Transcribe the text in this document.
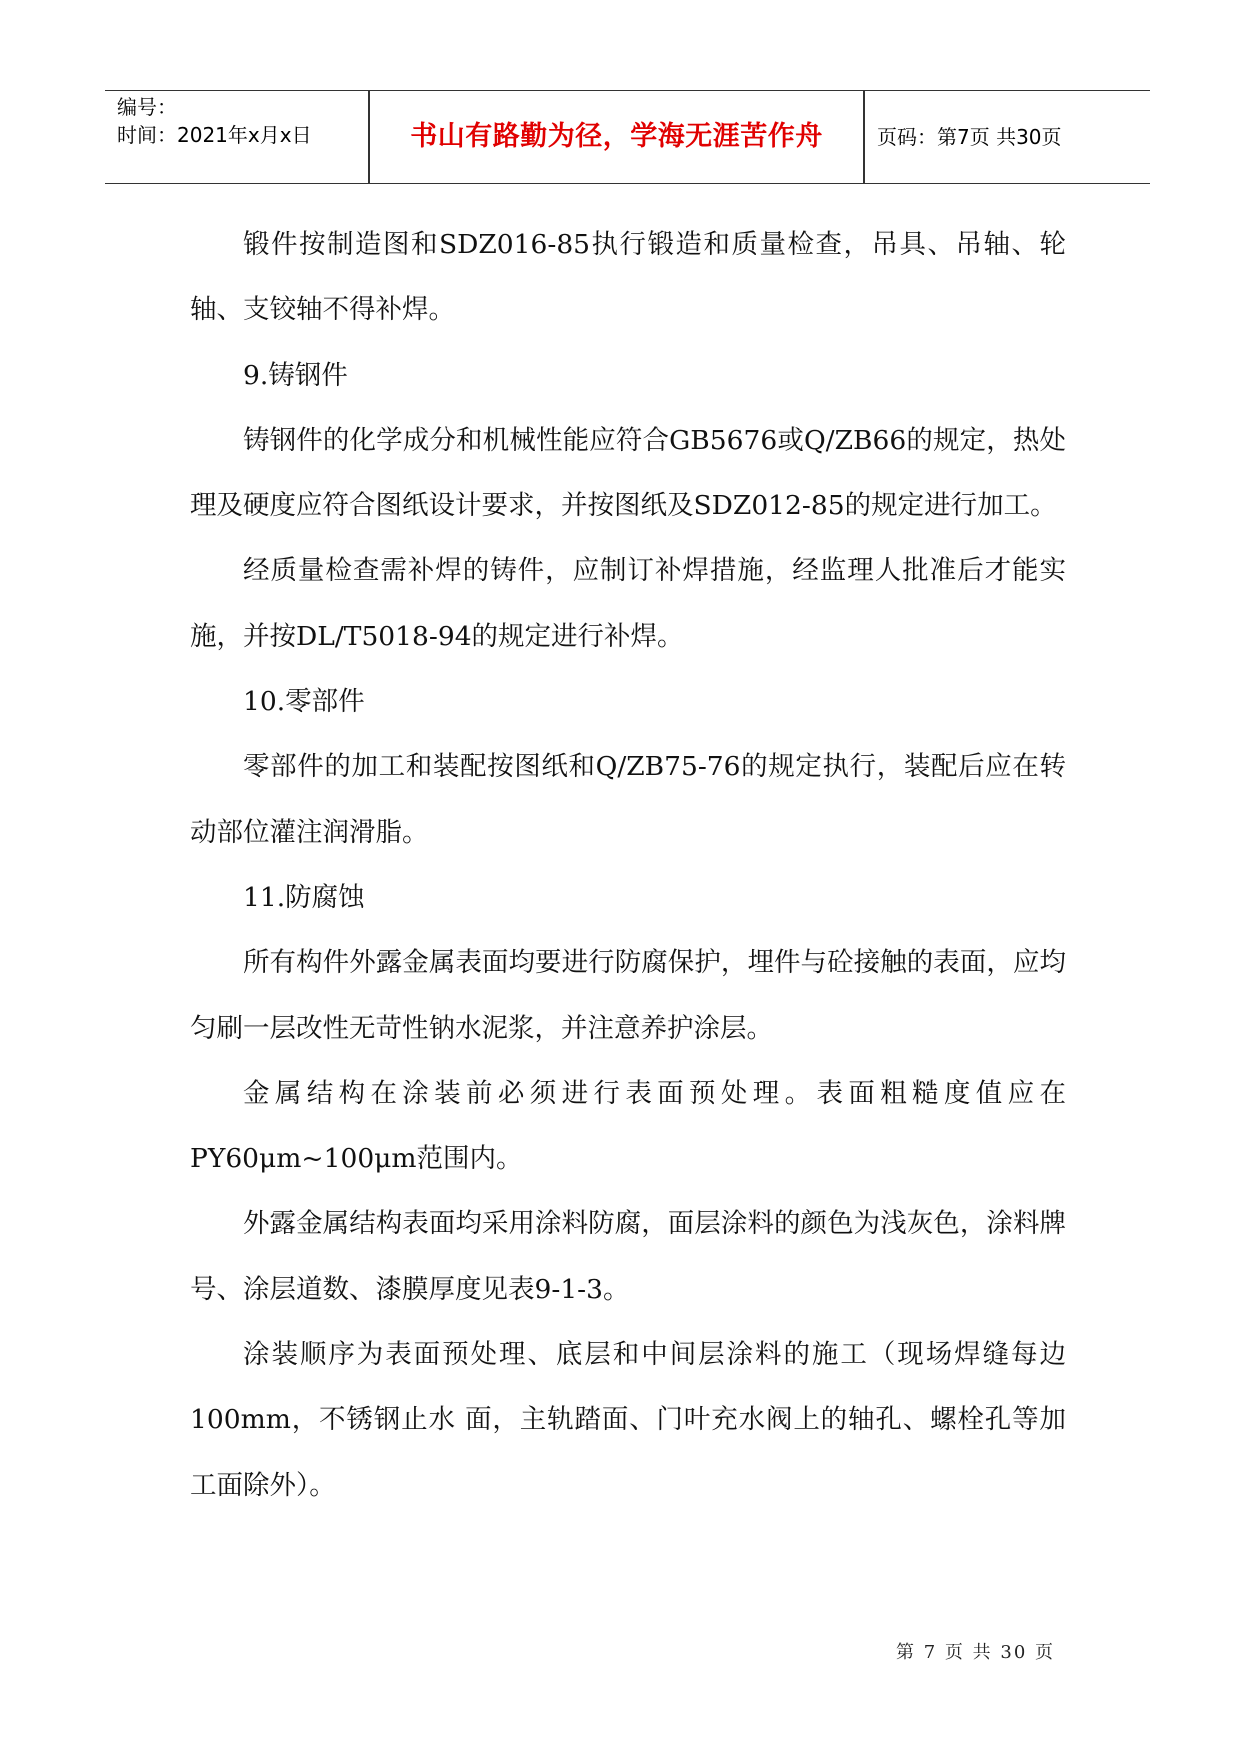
编号：
时间：2021年x月x日	书山有路勤为径，学海无涯苦作舟	页码：第7页 共30页

锻件按制造图和SDZ016-85执行锻造和质量检查，吊具、吊轴、轮轴、支铰轴不得补焊。

9.铸钢件

铸钢件的化学成分和机械性能应符合GB5676或Q/ZB66的规定，热处理及硬度应符合图纸设计要求，并按图纸及SDZ012-85的规定进行加工。

经质量检查需补焊的铸件，应制订补焊措施，经监理人批准后才能实施，并按DL/T5018-94的规定进行补焊。

10.零部件

零部件的加工和装配按图纸和Q/ZB75-76的规定执行，装配后应在转动部位灌注润滑脂。

11.防腐蚀

所有构件外露金属表面均要进行防腐保护，埋件与砼接触的表面，应均匀刷一层改性无苛性钠水泥浆，并注意养护涂层。

金属结构在涂装前必须进行表面预处理。表面粗糙度值应在PY60μm~100μm范围内。

外露金属结构表面均采用涂料防腐，面层涂料的颜色为浅灰色，涂料牌号、涂层道数、漆膜厚度见表9-1-3。

涂装顺序为表面预处理、底层和中间层涂料的施工（现场焊缝每边100mm，不锈钢止水 面，主轨踏面、门叶充水阀上的轴孔、螺栓孔等加工面除外）。

第 7 页 共 30 页
